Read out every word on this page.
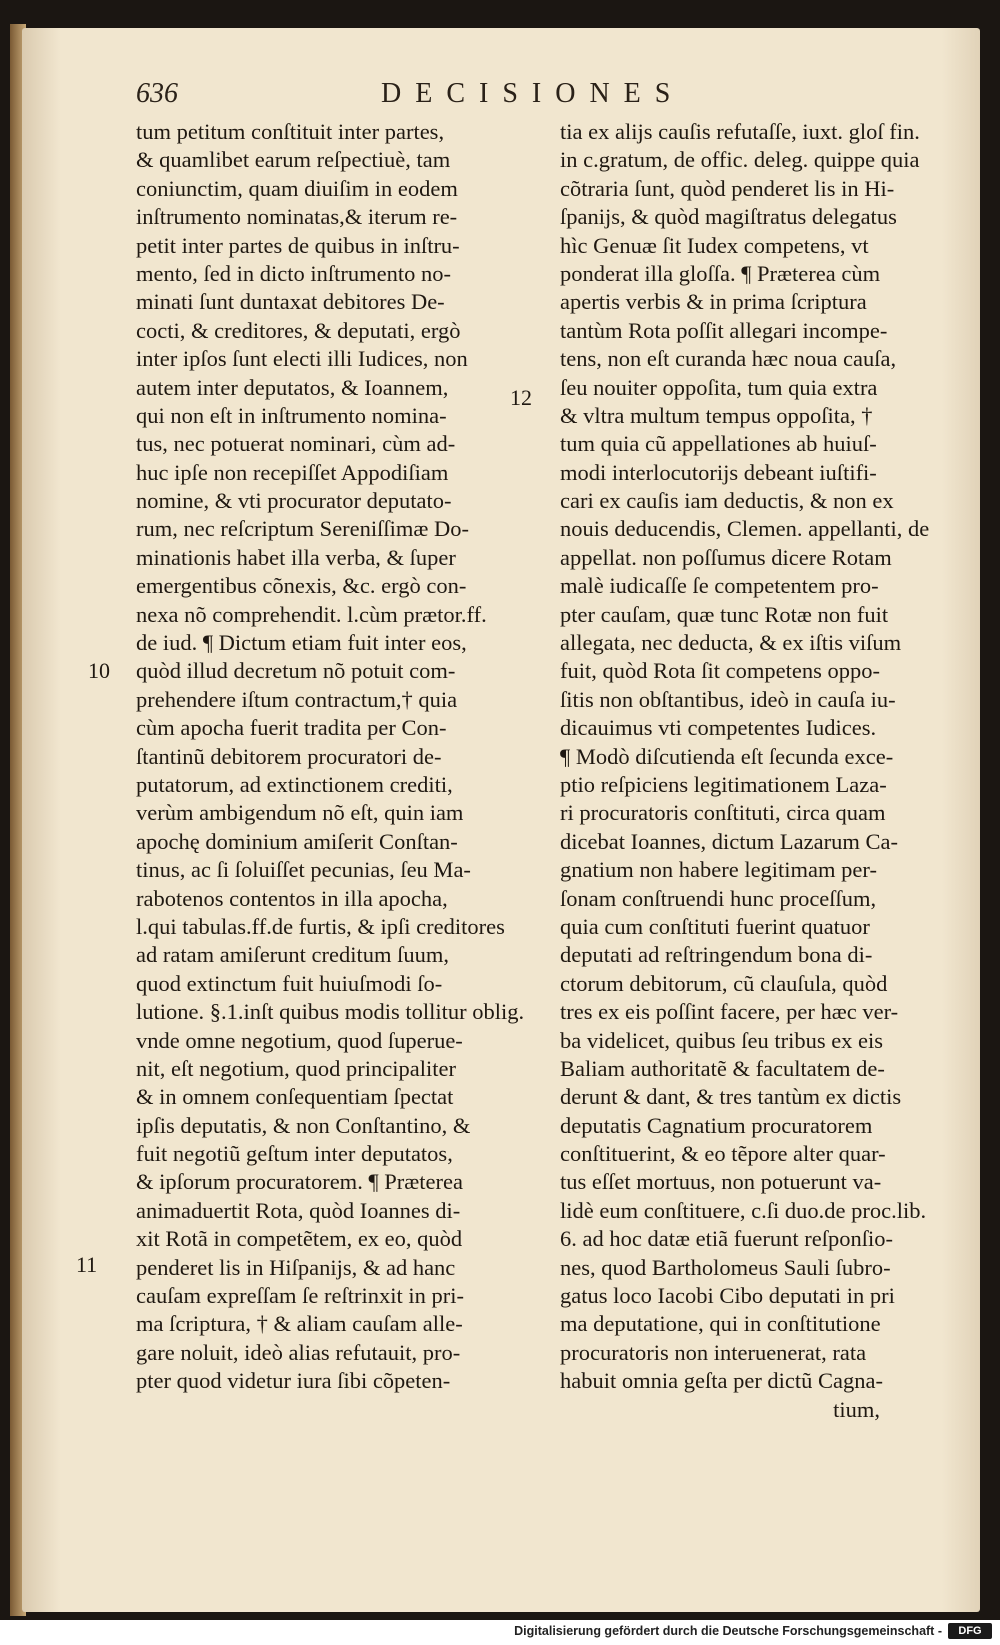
636	DECISIONES
tum petitum conſtituit inter partes,
& quamlibet earum reſpectiuè, tam
coniunctim, quam diuiſim in eodem
inſtrumento nominatas,& iterum re-
petit inter partes de quibus in inſtru-
mento, ſed in dicto inſtrumento no-
minati ſunt duntaxat debitores De-
cocti, & creditores, & deputati, ergò
inter ipſos ſunt electi illi Iudices, non
autem inter deputatos, & Ioannem,
qui non eſt in inſtrumento nomina-
tus, nec potuerat nominari, cùm ad-
huc ipſe non recepiſſet Appodiſiam
nomine, & vti procurator deputato-
rum, nec reſcriptum Sereniſſimæ Do-
minationis habet illa verba, & ſuper
emergentibus cõnexis, &c. ergò con-
nexa nõ comprehendit. l.cùm prætor.ff.
de iud. ¶ Dictum etiam fuit inter eos,
quòd illud decretum nõ potuit com-
prehendere iſtum contractum,† quia
cùm apocha fuerit tradita per Con-
ſtantinũ debitorem procuratori de-
putatorum, ad extinctionem crediti,
verùm ambigendum nõ eſt, quin iam
apochę dominium amiſerit Conſtan-
tinus, ac ſi ſoluiſſet pecunias, ſeu Ma-
rabotenos contentos in illa apocha,
l.qui tabulas.ff.de furtis, & ipſi creditores
ad ratam amiſerunt creditum ſuum,
quod extinctum fuit huiuſmodi ſo-
lutione. §.1.inſt quibus modis tollitur oblig.
vnde omne negotium, quod ſuperue-
nit, eſt negotium, quod principaliter
& in omnem conſequentiam ſpectat
ipſis deputatis, & non Conſtantino, &
fuit negotiũ geſtum inter deputatos,
& ipſorum procuratorem. ¶ Præterea
animaduertit Rota, quòd Ioannes di-
xit Rotã in competẽtem, ex eo, quòd
penderet lis in Hiſpanijs, & ad hanc
cauſam expreſſam ſe reſtrinxit in pri-
ma ſcriptura, † & aliam cauſam alle-
gare noluit, ideò alias refutauit, pro-
pter quod videtur iura ſibi cõpeten-
tia ex alijs cauſis refutaſſe, iuxt. gloſ fin.
in c.gratum, de offic. deleg. quippe quia
cõtraria ſunt, quòd penderet lis in Hi-
ſpanijs, & quòd magiſtratus delegatus
hìc Genuæ ſit Iudex competens, vt
ponderat illa gloſſa. ¶ Præterea cùm
apertis verbis & in prima ſcriptura
tantùm Rota poſſit allegari incompe-
tens, non eſt curanda hæc noua cauſa,
ſeu nouiter oppoſita, tum quia extra
& vltra multum tempus oppoſita, †
tum quia cũ appellationes ab huiuſ-
modi interlocutorijs debeant iuſtifi-
cari ex cauſis iam deductis, & non ex
nouis deducendis, Clemen. appellanti, de
appellat. non poſſumus dicere Rotam
malè iudicaſſe ſe competentem pro-
pter cauſam, quæ tunc Rotæ non fuit
allegata, nec deducta, & ex iſtis viſum
fuit, quòd Rota ſit competens oppo-
ſitis non obſtantibus, ideò in cauſa iu-
dicauimus vti competentes Iudices.
¶ Modò diſcutienda eſt ſecunda exce-
ptio reſpiciens legitimationem Laza-
ri procuratoris conſtituti, circa quam
dicebat Ioannes, dictum Lazarum Ca-
gnatium non habere legitimam per-
ſonam conſtruendi hunc proceſſum,
quia cum conſtituti fuerint quatuor
deputati ad reſtringendum bona di-
ctorum debitorum, cũ clauſula, quòd
tres ex eis poſſint facere, per hæc ver-
ba videlicet, quibus ſeu tribus ex eis
Baliam authoritatẽ & facultatem de-
derunt & dant, & tres tantùm ex dictis
deputatis Cagnatium procuratorem
conſtituerint, & eo tẽpore alter quar-
tus eſſet mortuus, non potuerunt va-
lidè eum conſtituere, c.ſi duo.de proc.lib.
6. ad hoc datæ etiã fuerunt reſponſio-
nes, quod Bartholomeus Sauli ſubro-
gatus loco Iacobi Cibo deputati in pri
ma deputatione, qui in conſtitutione
procuratoris non interuenerat, rata
habuit omnia geſta per dictũ Cagna-
tium,
10
11
12
Digitalisierung gefördert durch die Deutsche Forschungsgemeinschaft -	DFG
